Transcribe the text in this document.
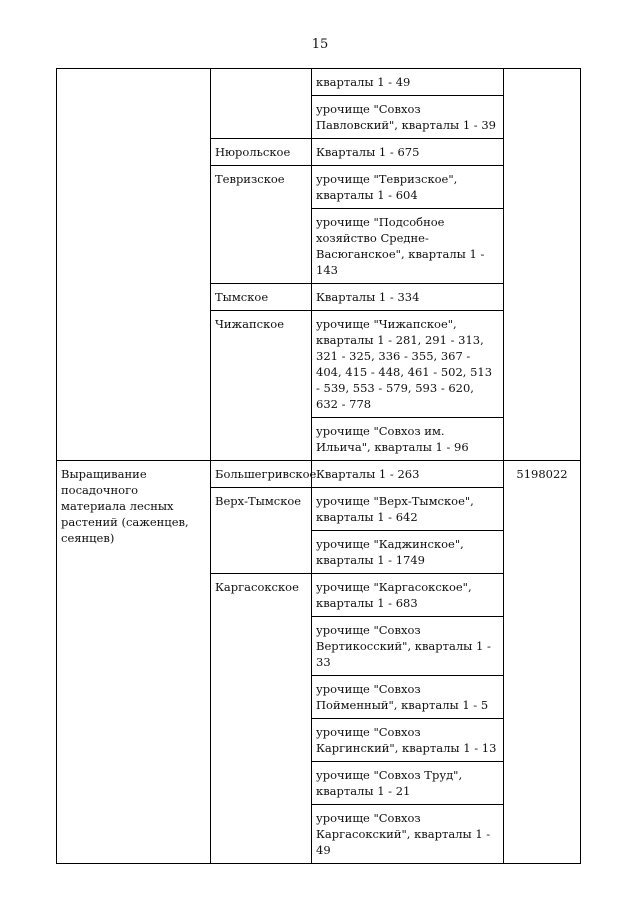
15
		кварталы 1 - 49	
		урочище "Совхоз Павловский", кварталы 1 - 39	
	Нюрольское	Кварталы 1 - 675	
	Тевризское	урочище "Тевризское", кварталы 1 - 604	
		урочище "Подсобное хозяйство Средне-Васюганское", кварталы 1 - 143	
	Тымское	Кварталы 1 - 334	
	Чижапское	урочище "Чижапское", кварталы 1 - 281, 291 - 313, 321 - 325, 336 - 355, 367 - 404, 415 - 448, 461 - 502, 513 - 539, 553 - 579, 593 - 620, 632 - 778	
		урочище "Совхоз им. Ильича", кварталы 1 - 96	
Выращивание посадочного материала лесных растений (саженцев, сеянцев)	Большегривское	Кварталы 1 - 263	5198022
	Верх-Тымское	урочище "Верх-Тымское", кварталы 1 - 642	
		урочище "Каджинское", кварталы 1 - 1749	
	Каргасокское	урочище "Каргасокское", кварталы 1 - 683	
		урочище "Совхоз Вертикосский", кварталы 1 - 33	
		урочище "Совхоз Пойменный", кварталы 1 - 5	
		урочище "Совхоз Каргинский", кварталы 1 - 13	
		урочище "Совхоз Труд", кварталы 1 - 21	
		урочище "Совхоз Каргасокский", кварталы 1 - 49	
